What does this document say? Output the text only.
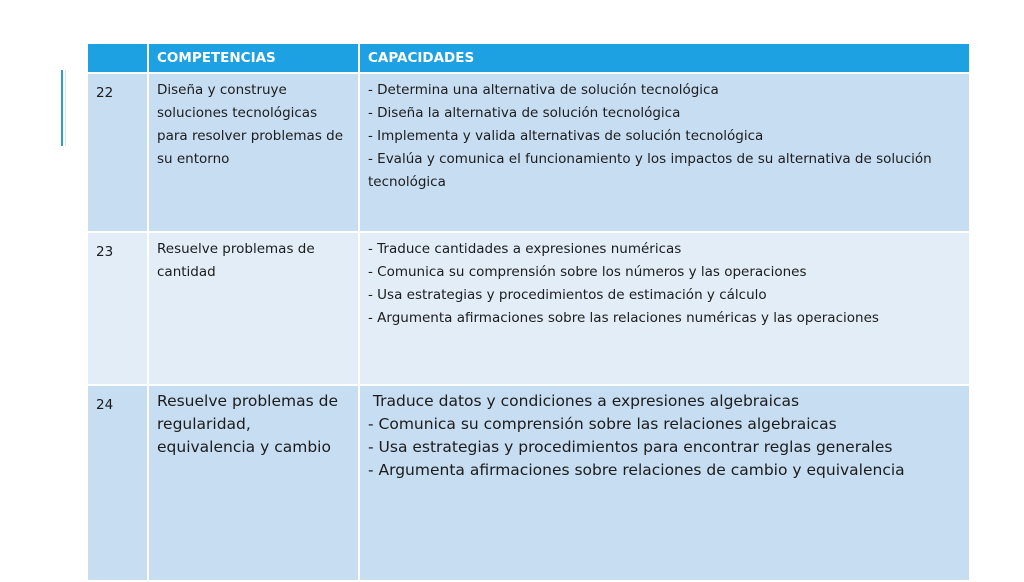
	COMPETENCIAS	CAPACIDADES
22	Diseña y construye soluciones tecnológicas para resolver problemas de su entorno	- Determina una alternativa de solución tecnológica
- Diseña la alternativa de solución tecnológica
- Implementa y valida alternativas de solución tecnológica
- Evalúa y comunica el funcionamiento y los impactos de su alternativa de solución tecnológica

23	Resuelve problemas de cantidad	- Traduce cantidades a expresiones numéricas
- Comunica su comprensión sobre los números y las operaciones
- Usa estrategias y procedimientos de estimación y cálculo
- Argumenta afirmaciones sobre las relaciones numéricas y las operaciones

24	Resuelve problemas de regularidad, equivalencia y cambio	Traduce datos y condiciones a expresiones algebraicas
- Comunica su comprensión sobre las relaciones algebraicas
- Usa estrategias y procedimientos para encontrar reglas generales
- Argumenta afirmaciones sobre relaciones de cambio y equivalencia
